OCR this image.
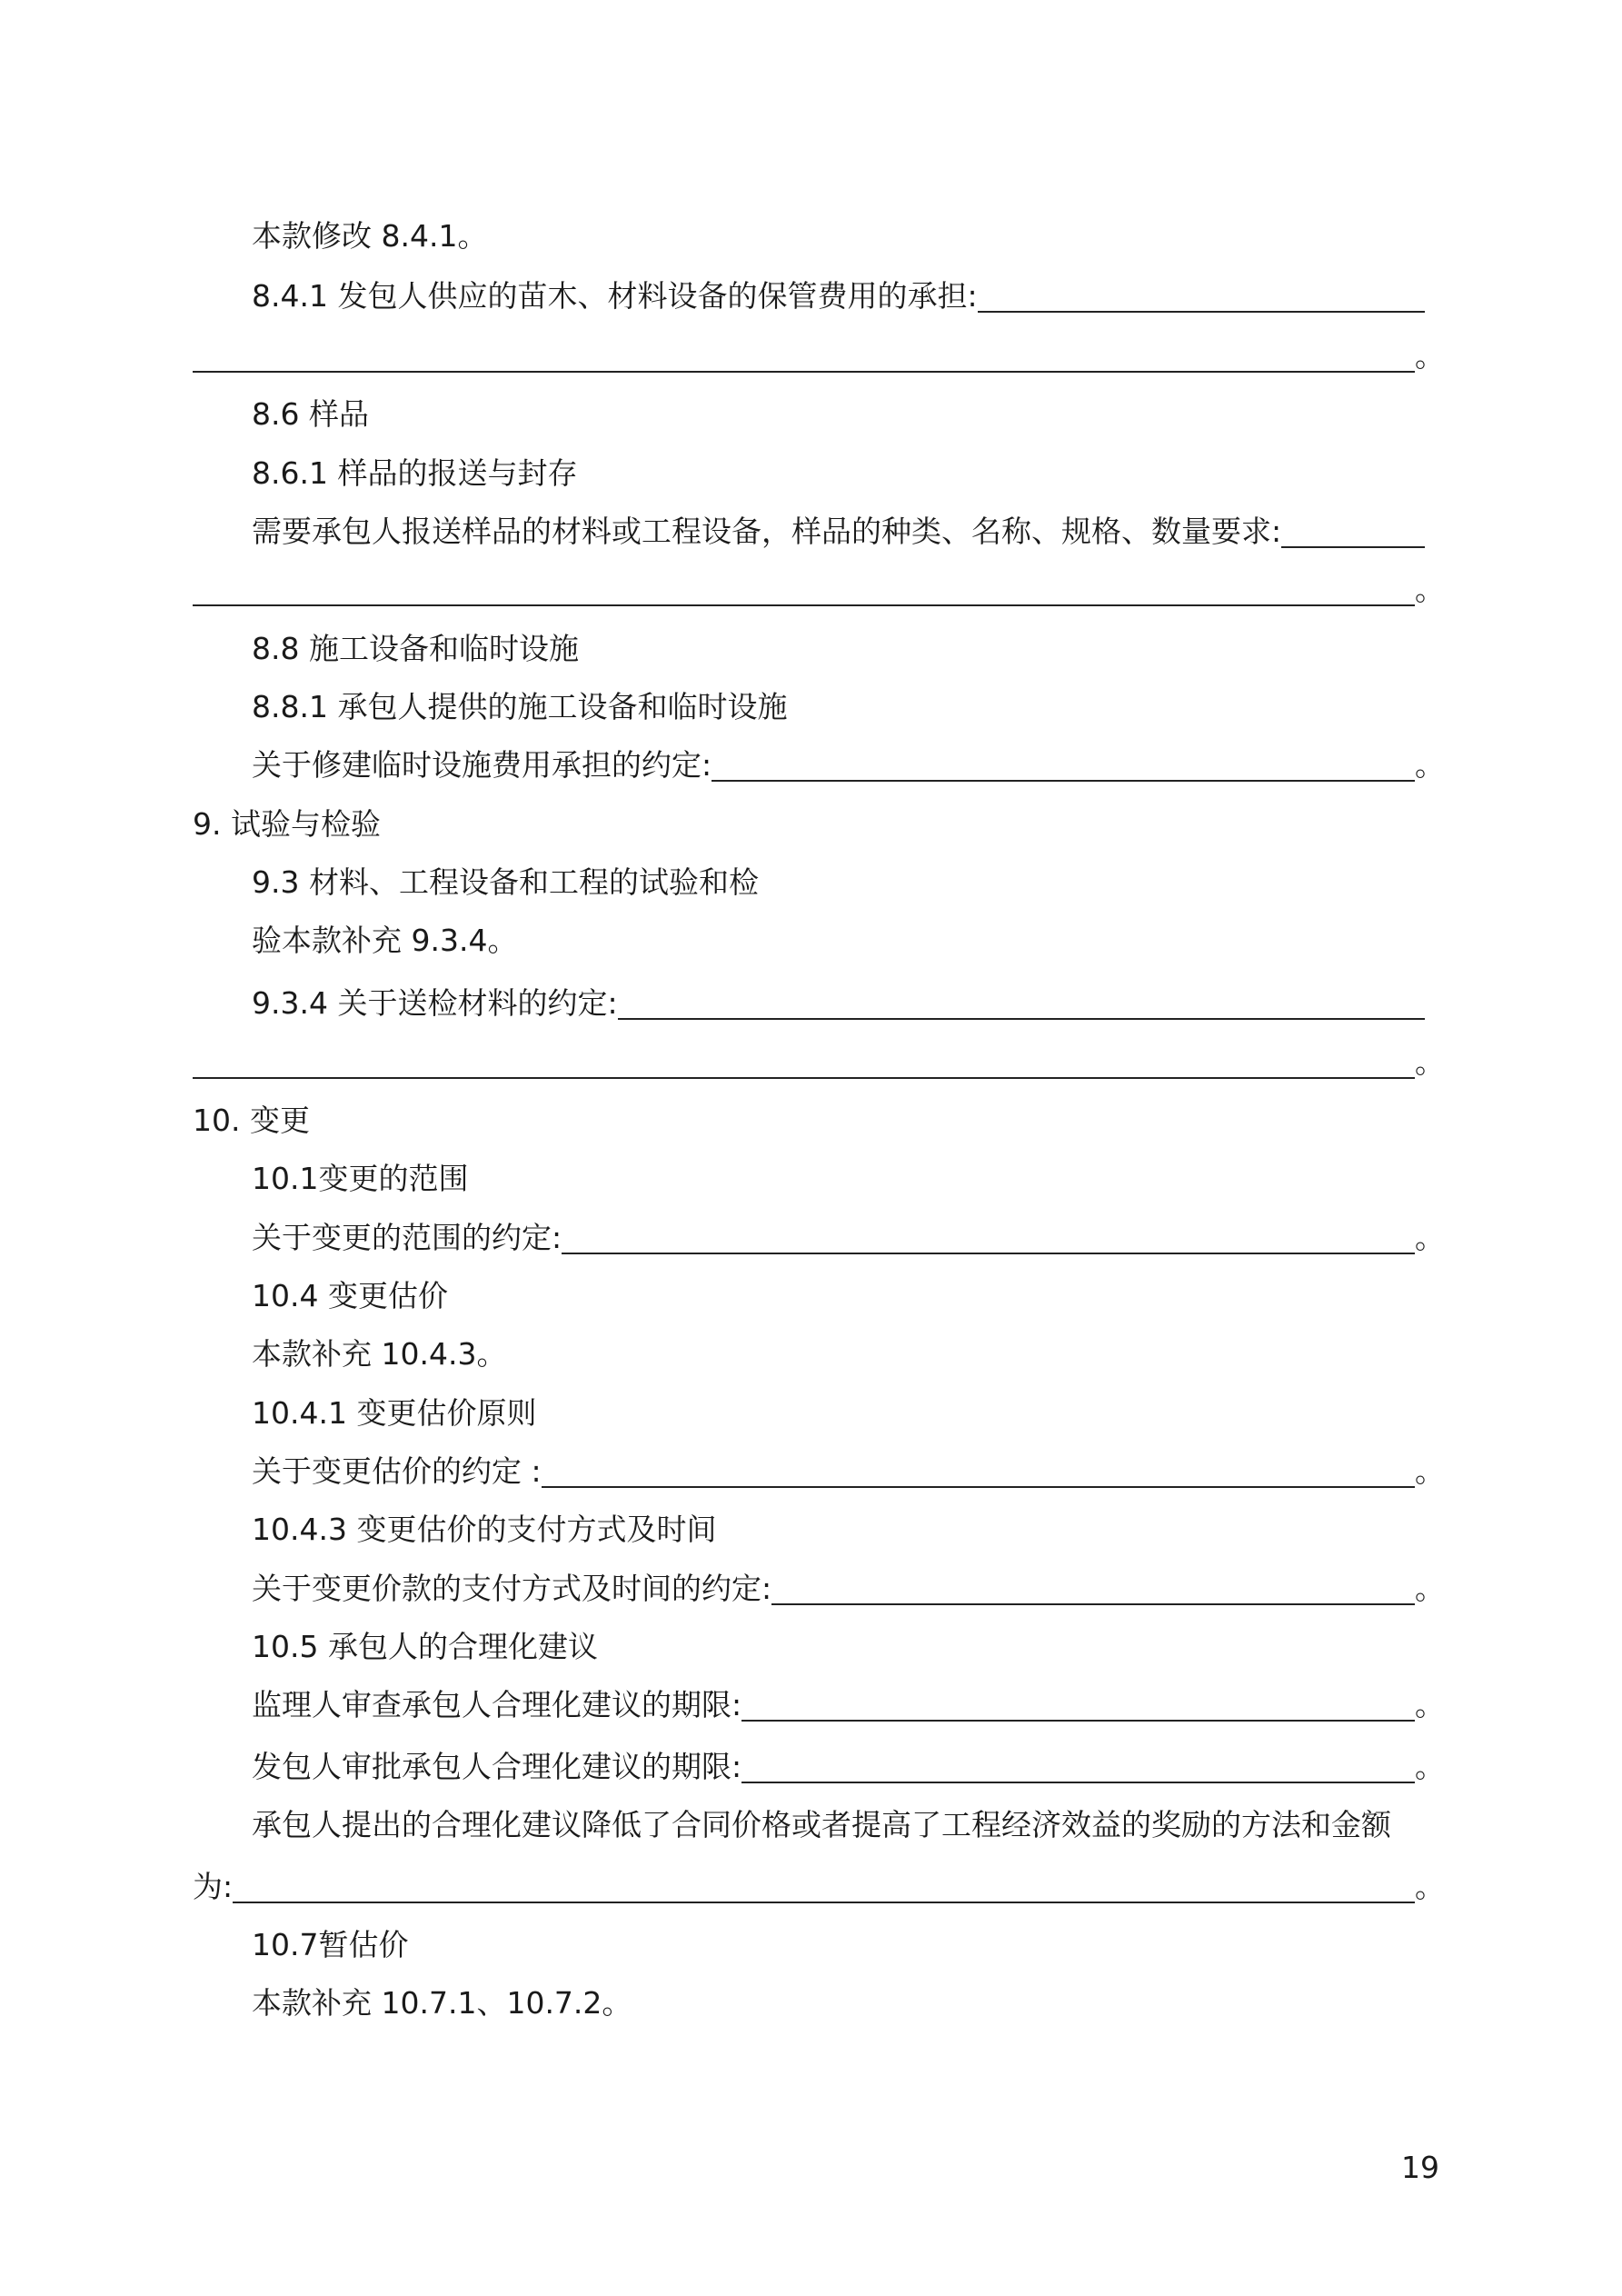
本款修改 8.4.1。
8.4.1 发包人供应的苗木、材料设备的保管费用的承担:
。
8.6 样品
8.6.1 样品的报送与封存
需要承包人报送样品的材料或工程设备，样品的种类、名称、规格、数量要求:
。
8.8 施工设备和临时设施
8.8.1 承包人提供的施工设备和临时设施
关于修建临时设施费用承担的约定:	。
9. 试验与检验
9.3 材料、工程设备和工程的试验和检
验本款补充 9.3.4。
9.3.4 关于送检材料的约定:
。
10. 变更
10.1变更的范围
关于变更的范围的约定:	。
10.4 变更估价
本款补充 10.4.3。
10.4.1 变更估价原则
关于变更估价的约定 :	。
10.4.3 变更估价的支付方式及时间
关于变更价款的支付方式及时间的约定:	。
10.5 承包人的合理化建议
监理人审查承包人合理化建议的期限:	。
发包人审批承包人合理化建议的期限:	。
承包人提出的合理化建议降低了合同价格或者提高了工程经济效益的奖励的方法和金额
为:	。
10.7暂估价
本款补充 10.7.1、10.7.2。
19
